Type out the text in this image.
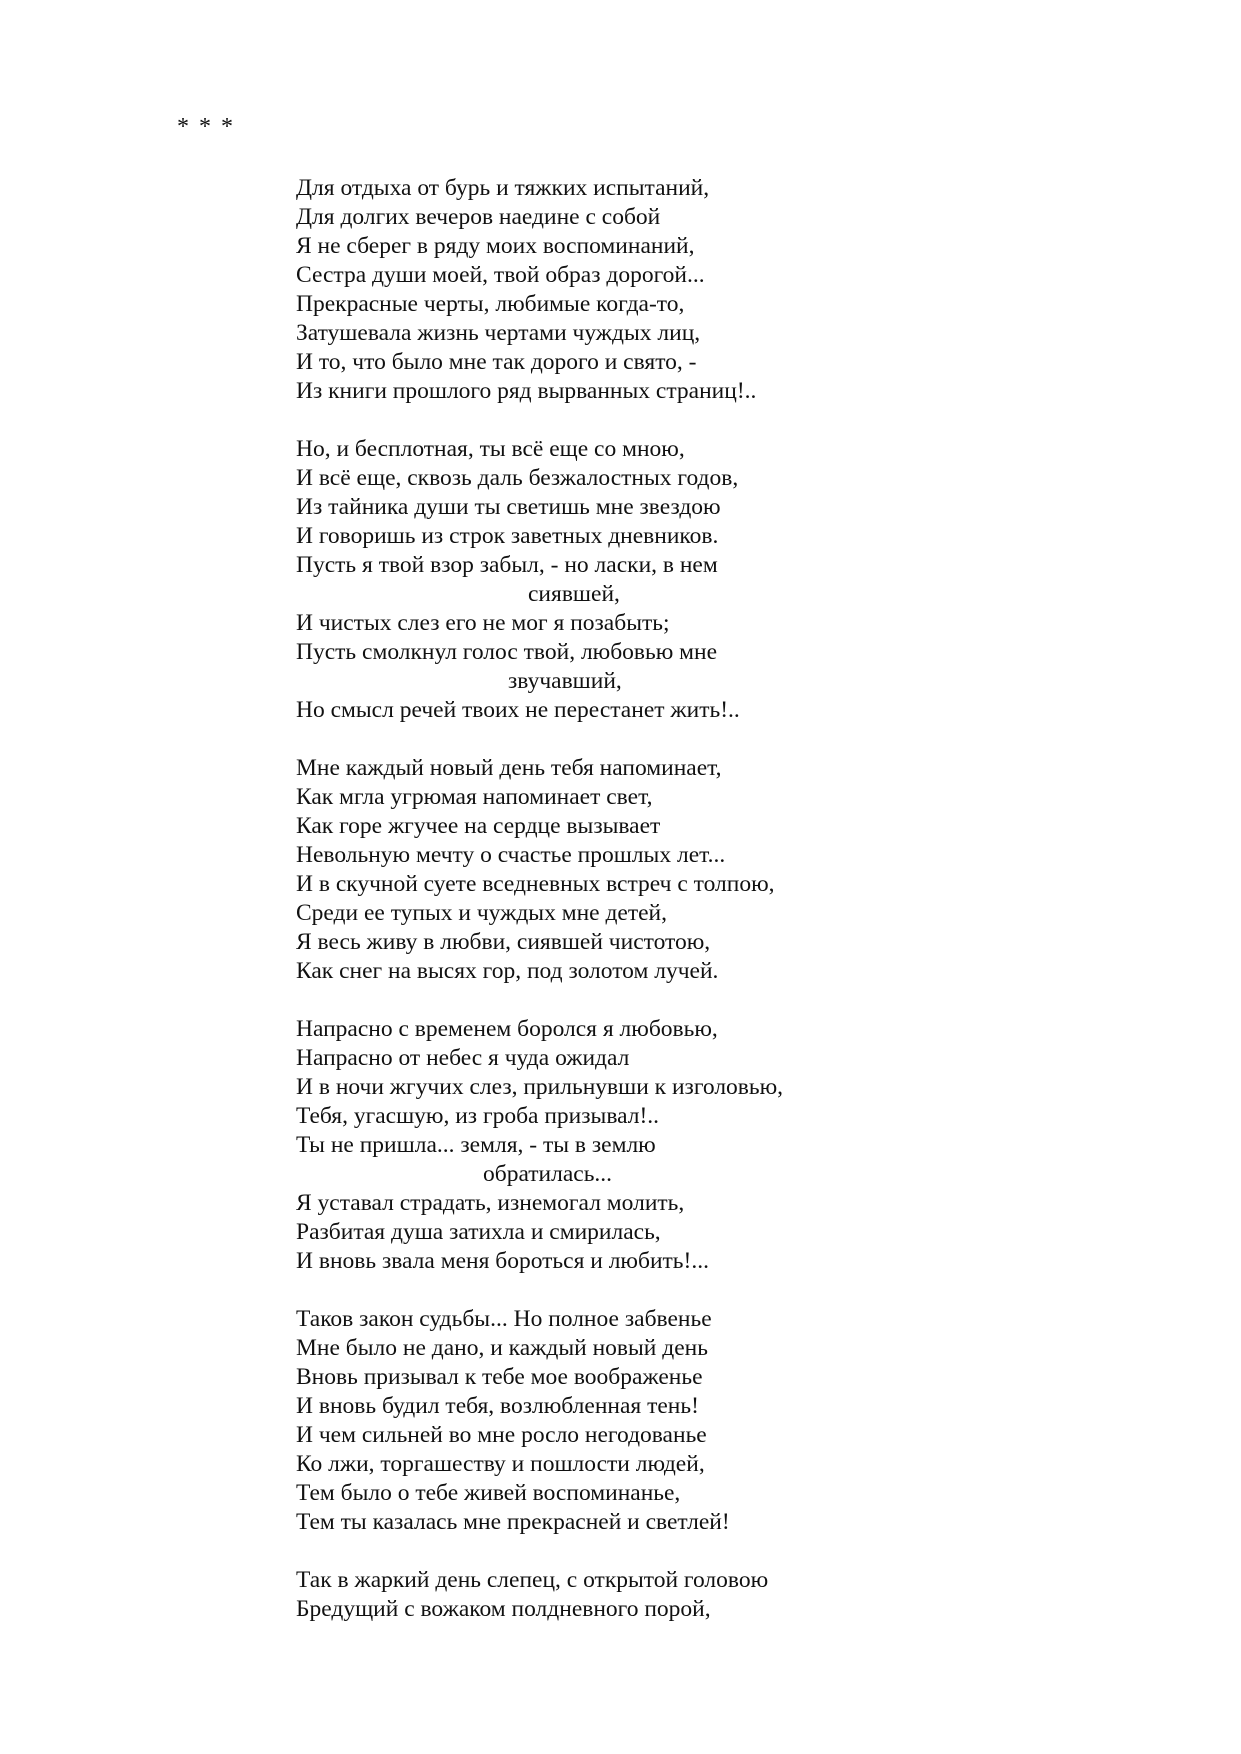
* * *
Для отдыха от бурь и тяжких испытаний,
Для долгих вечеров наедине с собой
Я не сберег в ряду моих воспоминаний,
Сестра души моей, твой образ дорогой...
Прекрасные черты, любимые когда-то,
Затушевала жизнь чертами чуждых лиц,
И то, что было мне так дорого и свято, -
Из книги прошлого ряд вырванных страниц!..
Но, и бесплотная, ты всё еще со мною,
И всё еще, сквозь даль безжалостных годов,
Из тайника души ты светишь мне звездою
И говоришь из строк заветных дневников.
Пусть я твой взор забыл, - но ласки, в нем
сиявшей,
И чистых слез его не мог я позабыть;
Пусть смолкнул голос твой, любовью мне
звучавший,
Но смысл речей твоих не перестанет жить!..
Мне каждый новый день тебя напоминает,
Как мгла угрюмая напоминает свет,
Как горе жгучее на сердце вызывает
Невольную мечту о счастье прошлых лет...
И в скучной суете вседневных встреч с толпою,
Среди ее тупых и чуждых мне детей,
Я весь живу в любви, сиявшей чистотою,
Как снег на высях гор, под золотом лучей.
Напрасно с временем боролся я любовью,
Напрасно от небес я чуда ожидал
И в ночи жгучих слез, прильнувши к изголовью,
Тебя, угасшую, из гроба призывал!..
Ты не пришла... земля, - ты в землю
обратилась...
Я уставал страдать, изнемогал молить,
Разбитая душа затихла и смирилась,
И вновь звала меня бороться и любить!...
Таков закон судьбы... Но полное забвенье
Мне было не дано, и каждый новый день
Вновь призывал к тебе мое воображенье
И вновь будил тебя, возлюбленная тень!
И чем сильней во мне росло негодованье
Ко лжи, торгашеству и пошлости людей,
Тем было о тебе живей воспоминанье,
Тем ты казалась мне прекрасней и светлей!
Так в жаркий день слепец, с открытой головою
Бредущий с вожаком полдневного порой,
